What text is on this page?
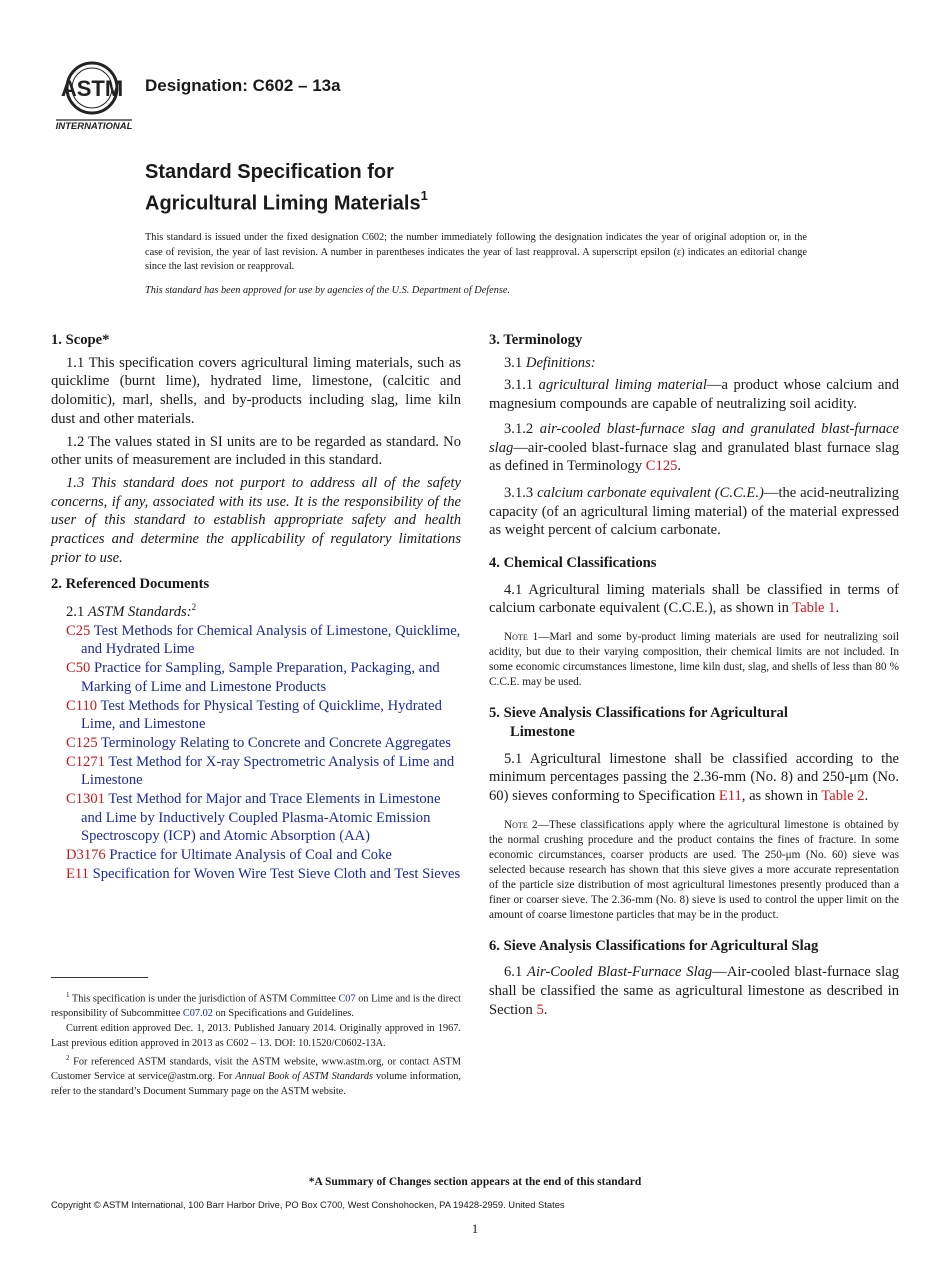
ASTM
INTERNATIONAL
Designation: C602 – 13a
Standard Specification for
Agricultural Liming Materials$^1$
This standard is issued under the fixed designation C602; the number immediately following the designation indicates the year of original adoption or, in the case of revision, the year of last revision. A number in parentheses indicates the year of last reapproval. A superscript epsilon (ε) indicates an editorial change since the last revision or reapproval.
This standard has been approved for use by agencies of the U.S. Department of Defense.
1. Scope*

1.1 This specification covers agricultural liming materials, such as quicklime (burnt lime), hydrated lime, limestone, (calcitic and dolomitic), marl, shells, and by-products including slag, lime kiln dust and other materials.

1.2 The values stated in SI units are to be regarded as standard. No other units of measurement are included in this standard.

1.3 This standard does not purport to address all of the safety concerns, if any, associated with its use. It is the responsibility of the user of this standard to establish appropriate safety and health practices and determine the applicability of regulatory limitations prior to use.

2. Referenced Documents

2.1 ASTM Standards:$^2$

C25 Test Methods for Chemical Analysis of Limestone, Quicklime, and Hydrated Lime

C50 Practice for Sampling, Sample Preparation, Packaging, and Marking of Lime and Limestone Products

C110 Test Methods for Physical Testing of Quicklime, Hydrated Lime, and Limestone

C125 Terminology Relating to Concrete and Concrete Aggregates

C1271 Test Method for X-ray Spectrometric Analysis of Lime and Limestone

C1301 Test Method for Major and Trace Elements in Limestone and Lime by Inductively Coupled Plasma-Atomic Emission Spectroscopy (ICP) and Atomic Absorption (AA)

D3176 Practice for Ultimate Analysis of Coal and Coke

E11 Specification for Woven Wire Test Sieve Cloth and Test Sieves

$^1$ This specification is under the jurisdiction of ASTM Committee C07 on Lime and is the direct responsibility of Subcommittee C07.02 on Specifications and Guidelines.

Current edition approved Dec. 1, 2013. Published January 2014. Originally approved in 1967. Last previous edition approved in 2013 as C602 – 13. DOI: 10.1520/C0602-13A.

$^2$ For referenced ASTM standards, visit the ASTM website, www.astm.org, or contact ASTM Customer Service at service@astm.org. For Annual Book of ASTM Standards volume information, refer to the standard’s Document Summary page on the ASTM website.

3. Terminology

3.1 Definitions:

3.1.1 agricultural liming material—a product whose calcium and magnesium compounds are capable of neutralizing soil acidity.

3.1.2 air-cooled blast-furnace slag and granulated blast-furnace slag—air-cooled blast-furnace slag and granulated blast furnace slag as defined in Terminology C125.

3.1.3 calcium carbonate equivalent (C.C.E.)—the acid-neutralizing capacity (of an agricultural liming material) of the material expressed as weight percent of calcium carbonate.

4. Chemical Classifications

4.1 Agricultural liming materials shall be classified in terms of calcium carbonate equivalent (C.C.E.), as shown in Table 1.

Note 1—Marl and some by-product liming materials are used for neutralizing soil acidity, but due to their varying composition, their chemical limits are not included. In some economic circumstances limestone, lime kiln dust, slag, and shells of less than 80 % C.C.E. may be used.

5. Sieve Analysis Classifications for Agricultural
Limestone

5.1 Agricultural limestone shall be classified according to the minimum percentages passing the 2.36-mm (No. 8) and 250-μm (No. 60) sieves conforming to Specification E11, as shown in Table 2.

Note 2—These classifications apply where the agricultural limestone is obtained by the normal crushing procedure and the product contains the fines of fracture. In some economic circumstances, coarser products are used. The 250-μm (No. 60) sieve was selected because research has shown that this sieve gives a more accurate representation of the particle size distribution of most agricultural limestones presently produced than a finer or coarser sieve. The 2.36-mm (No. 8) sieve is used to control the upper limit on the amount of coarse limestone particles that may be in the product.

6. Sieve Analysis Classifications for Agricultural Slag

6.1 Air-Cooled Blast-Furnace Slag—Air-cooled blast-furnace slag shall be classified the same as agricultural limestone as described in Section 5.

*A Summary of Changes section appears at the end of this standard
Copyright © ASTM International, 100 Barr Harbor Drive, PO Box C700, West Conshohocken, PA 19428-2959. United States
1
